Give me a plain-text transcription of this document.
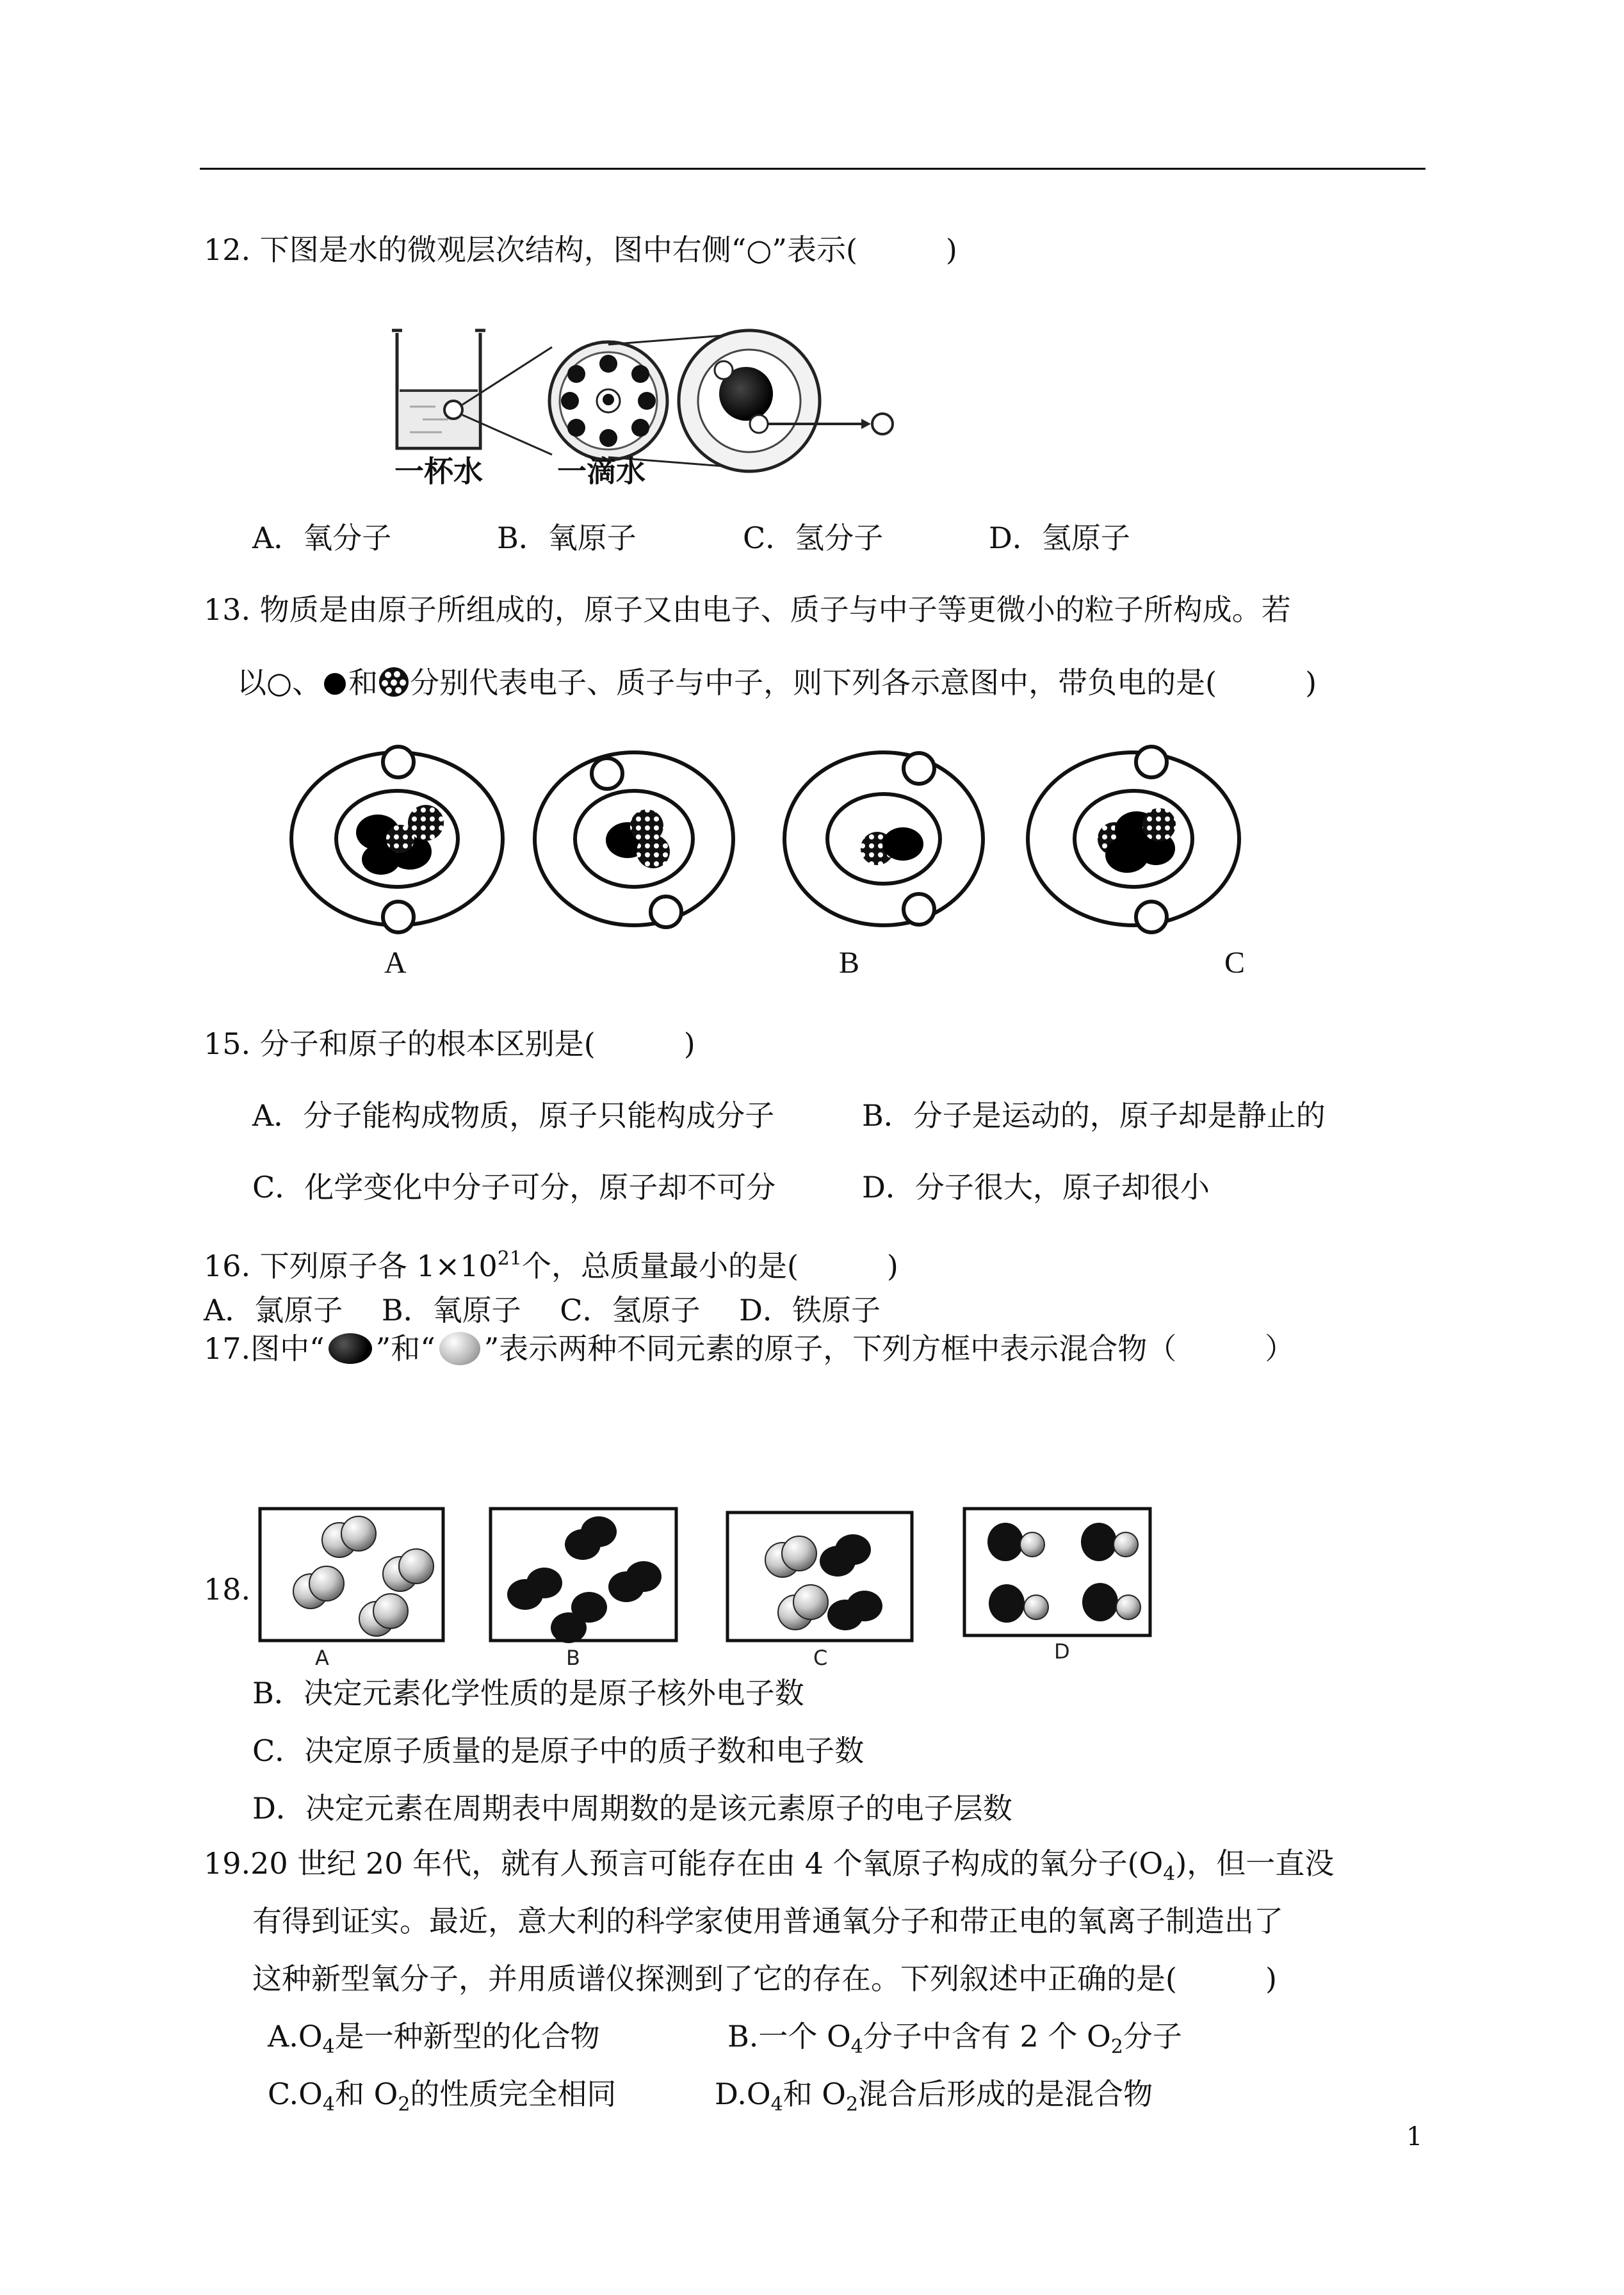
12. 下图是水的微观层次结构，图中右侧“○”表示(　　　)
一杯水	一滴水
A．氧分子	B．氧原子	C．氢分子	D．氢原子
13. 物质是由原子所组成的，原子又由电子、质子与中子等更微小的粒子所构成。若
以○、 和 分别代表电子、质子与中子，则下列各示意图中，带负电的是(　　　)
A	B	C
15. 分子和原子的根本区别是(　　　)
A．分子能构成物质，原子只能构成分子	B．分子是运动的，原子却是静止的
C．化学变化中分子可分，原子却不可分	D．分子很大，原子却很小
16. 下列原子各 $1\times 10^{21}$个，总质量最小的是(　　　)
A．氯原子　 B．氧原子　 C．氢原子　 D．铁原子
17.图中“ ”和“ ”表示两种不同元素的原子，下列方框中表示混合物（　　　）
18.
A	B	C	D
B．决定元素化学性质的是原子核外电子数
C．决定原子质量的是原子中的质子数和电子数
D．决定元素在周期表中周期数的是该元素原子的电子层数
19.20 世纪 20 年代，就有人预言可能存在由 4 个氧原子构成的氧分子$(O_4)$，但一直没
有得到证实。最近，意大利的科学家使用普通氧分子和带正电的氧离子制造出了
这种新型氧分子，并用质谱仪探测到了它的存在。下列叙述中正确的是(　　　)
$A.O_4$是一种新型的化合物	B.一个 $O_4$分子中含有 2 个 $O_2$分子
$C.O_4$和 $O_2$的性质完全相同	$D.O_4$和 $O_2$混合后形成的是混合物
1
